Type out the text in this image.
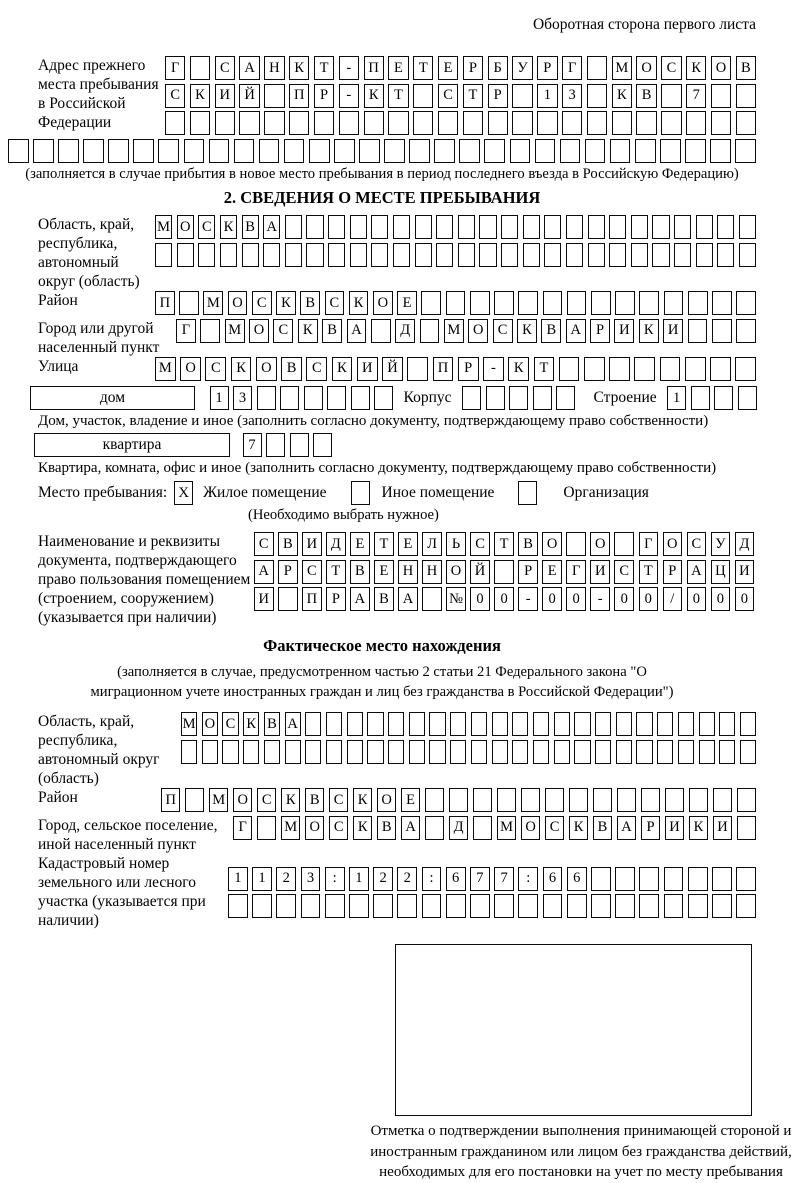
Оборотная сторона первого листа
Адрес прежнего места пребывания в Российской Федерации
Г	С	А Н	К	Т	-	П	Е	Т	Е	Р	Б	У	Р	Г	М О	С	К	О	В
С	К	И Й	П	Р	-	К	Т	С	Т	Р	1	3	К	В	7
(заполняется в случае прибытия в новое место пребывания в период последнего въезда в Российскую Федерацию)
2. СВЕДЕНИЯ О МЕСТЕ ПРЕБЫВАНИЯ
Область, край, республика, автономный округ (область)
М О С К В А
Район	П	М О С	К	В	С	К О	Е
Город или другой населенный пункт
Г	М О С	К	В А	Д	М О С	К	В А	Р	И К И
Улица	М О	С	К	О	В	С	К	И	Й	П	Р	-	К	Т
дом	1	3	Корпус	Строение	1
Дом, участок, владение и иное (заполнить согласно документу, подтверждающему право собственности)
квартира	7
Квартира, комната, офис и иное (заполнить согласно документу, подтверждающему право собственности)
Место пребывания: X Жилое помещение	Иное помещение	Организация
(Необходимо выбрать нужное)
Наименование и реквизиты документа, подтверждающего право пользования помещением (строением, сооружением) (указывается при наличии)
С В И Д	Е	Т	Е	Л	Ь	С	Т	В О	О	Г	О С У Д
А	Р	С	Т	В	Е Н Н О Й	Р	Е	Г	И С	Т	Р	А Ц И
И	П	Р	А В А	№ 0	0	-	0	0	-	0	0	/	0	0	0
Фактическое место нахождения
(заполняется в случае, предусмотренном частью 2 статьи 21 Федерального закона "О миграционном учете иностранных граждан и лиц без гражданства в Российской Федерации")
Область, край, республика, автономный округ (область)
М О С К В А
Район	П	М О С К В С К О Е
Город, сельское поселение, иной населенный пункт
Г	М О С К В А	Д	М О С К В А	Р	И К И
Кадастровый номер земельного или лесного участка (указывается при наличии)
1	1	2	3	:	1	2	2	:	6	7	7	:	6	6
Отметка о подтверждении выполнения принимающей стороной и иностранным гражданином или лицом без гражданства действий, необходимых для его постановки на учет по месту пребывания
